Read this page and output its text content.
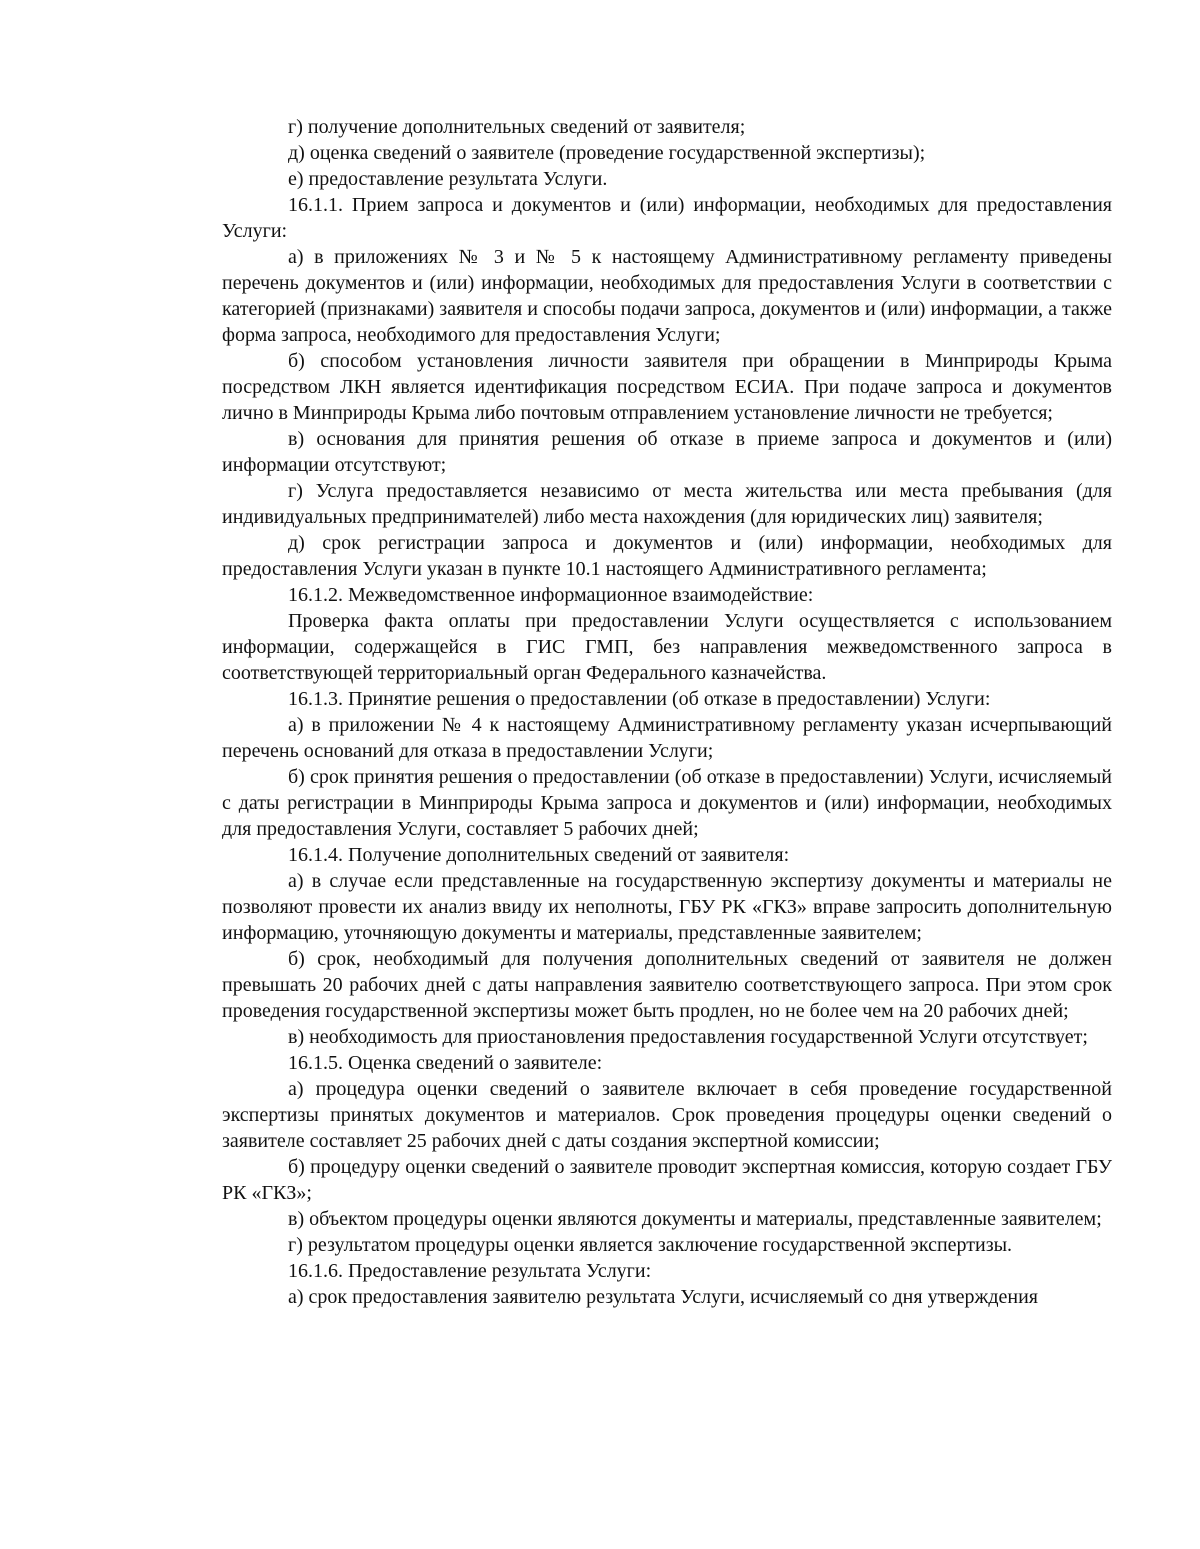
г) получение дополнительных сведений от заявителя;

д) оценка сведений о заявителе (проведение государственной экспертизы);

е) предоставление результата Услуги.

16.1.1. Прием запроса и документов и (или) информации, необходимых для предоставления Услуги:

а) в приложениях № 3 и № 5 к настоящему Административному регламенту приведены перечень документов и (или) информации, необходимых для предоставления Услуги в соответствии с категорией (признаками) заявителя и способы подачи запроса, документов и (или) информации, а также форма запроса, необходимого для предоставления Услуги;

б) способом установления личности заявителя при обращении в Минприроды Крыма посредством ЛКН является идентификация посредством ЕСИА. При подаче запроса и документов лично в Минприроды Крыма либо почтовым отправлением установление личности не требуется;

в) основания для принятия решения об отказе в приеме запроса и документов и (или) информации отсутствуют;

г) Услуга предоставляется независимо от места жительства или места пребывания (для индивидуальных предпринимателей) либо места нахождения (для юридических лиц) заявителя;

д) срок регистрации запроса и документов и (или) информации, необходимых для предоставления Услуги указан в пункте 10.1 настоящего Административного регламента;

16.1.2. Межведомственное информационное взаимодействие:

Проверка факта оплаты при предоставлении Услуги осуществляется с использованием информации, содержащейся в ГИС ГМП, без направления межведомственного запроса в соответствующей территориальный орган Федерального казначейства.

16.1.3. Принятие решения о предоставлении (об отказе в предоставлении) Услуги:

а) в приложении № 4 к настоящему Административному регламенту указан исчерпывающий перечень оснований для отказа в предоставлении Услуги;

б) срок принятия решения о предоставлении (об отказе в предоставлении) Услуги, исчисляемый с даты регистрации в Минприроды Крыма запроса и документов и (или) информации, необходимых для предоставления Услуги, составляет 5 рабочих дней;

16.1.4. Получение дополнительных сведений от заявителя:

а) в случае если представленные на государственную экспертизу документы и материалы не позволяют провести их анализ ввиду их неполноты, ГБУ РК «ГКЗ» вправе запросить дополнительную информацию, уточняющую документы и материалы, представленные заявителем;

б) срок, необходимый для получения дополнительных сведений от заявителя не должен превышать 20 рабочих дней с даты направления заявителю соответствующего запроса. При этом срок проведения государственной экспертизы может быть продлен, но не более чем на 20 рабочих дней;

в) необходимость для приостановления предоставления государственной Услуги отсутствует;

16.1.5. Оценка сведений о заявителе:

а) процедура оценки сведений о заявителе включает в себя проведение государственной экспертизы принятых документов и материалов. Срок проведения процедуры оценки сведений о заявителе составляет 25 рабочих дней с даты создания экспертной комиссии;

б) процедуру оценки сведений о заявителе проводит экспертная комиссия, которую создает ГБУ РК «ГКЗ»;

в) объектом процедуры оценки являются документы и материалы, представленные заявителем;

г) результатом процедуры оценки является заключение государственной экспертизы.

16.1.6. Предоставление результата Услуги:

а) срок предоставления заявителю результата Услуги, исчисляемый со дня утверждения
